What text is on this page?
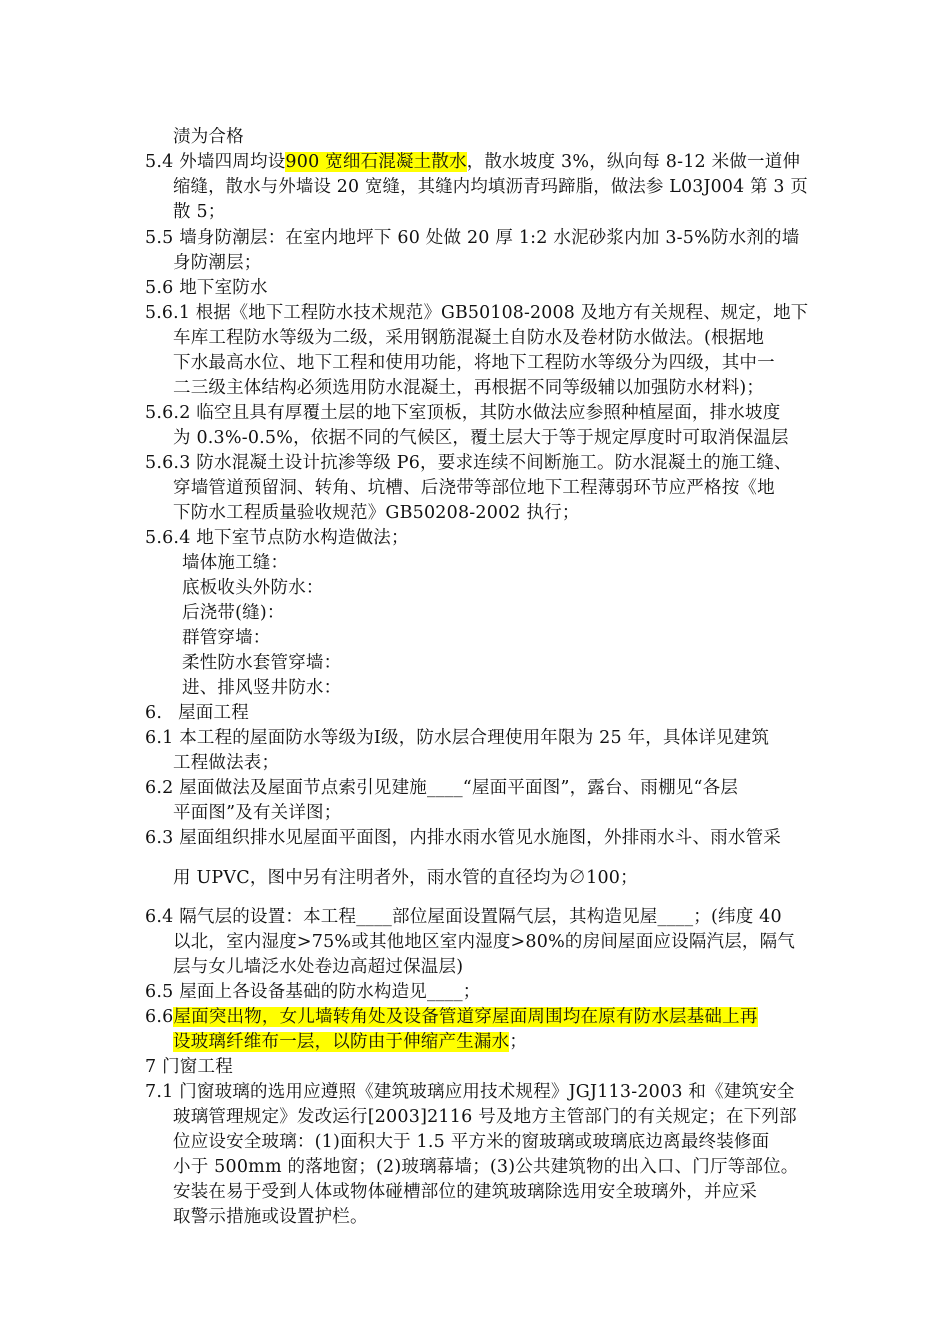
渍为合格
5.4 外墙四周均设900 宽细石混凝土散水，散水坡度 3%，纵向每 8-12 米做一道伸
缩缝，散水与外墙设 20 宽缝，其缝内均填沥青玛蹄脂，做法参 L03J004 第 3 页
散 5；
5.5 墙身防潮层：在室内地坪下 60 处做 20 厚 1:2 水泥砂浆内加 3-5%防水剂的墙
身防潮层；
5.6 地下室防水
5.6.1 根据《地下工程防水技术规范》GB50108-2008 及地方有关规程、规定，地下
车库工程防水等级为二级，采用钢筋混凝土自防水及卷材防水做法。(根据地
下水最高水位、地下工程和使用功能，将地下工程防水等级分为四级，其中一
二三级主体结构必须选用防水混凝土，再根据不同等级辅以加强防水材料)；
5.6.2 临空且具有厚覆土层的地下室顶板，其防水做法应参照种植屋面，排水坡度
为 0.3%-0.5%，依据不同的气候区，覆土层大于等于规定厚度时可取消保温层
5.6.3 防水混凝土设计抗渗等级 P6，要求连续不间断施工。防水混凝土的施工缝、
穿墙管道预留洞、转角、坑槽、后浇带等部位地下工程薄弱环节应严格按《地
下防水工程质量验收规范》GB50208-2002 执行；
5.6.4 地下室节点防水构造做法；
墙体施工缝：
底板收头外防水：
后浇带(缝)：
群管穿墙：
柔性防水套管穿墙：
进、排风竖井防水：
6. 屋面工程
6.1 本工程的屋面防水等级为Ⅰ级，防水层合理使用年限为 25 年，具体详见建筑
工程做法表；
6.2 屋面做法及屋面节点索引见建施____“屋面平面图”，露台、雨棚见“各层
平面图”及有关详图；
6.3 屋面组织排水见屋面平面图，内排水雨水管见水施图，外排雨水斗、雨水管采
用 UPVC，图中另有注明者外，雨水管的直径均为∅100；
6.4 隔气层的设置：本工程____部位屋面设置隔气层，其构造见屋____；(纬度 40
以北，室内湿度>75%或其他地区室内湿度>80%的房间屋面应设隔汽层，隔气
层与女儿墙泛水处卷边高超过保温层)
6.5 屋面上各设备基础的防水构造见____；
6.6屋面突出物，女儿墙转角处及设备管道穿屋面周围均在原有防水层基础上再
设玻璃纤维布一层，以防由于伸缩产生漏水；
7 门窗工程
7.1 门窗玻璃的选用应遵照《建筑玻璃应用技术规程》JGJ113-2003 和《建筑安全
玻璃管理规定》发改运行[2003]2116 号及地方主管部门的有关规定；在下列部
位应设安全玻璃：(1)面积大于 1.5 平方米的窗玻璃或玻璃底边离最终装修面
小于 500mm 的落地窗；(2)玻璃幕墙；(3)公共建筑物的出入口、门厅等部位。
安装在易于受到人体或物体碰槽部位的建筑玻璃除选用安全玻璃外，并应采
取警示措施或设置护栏。
